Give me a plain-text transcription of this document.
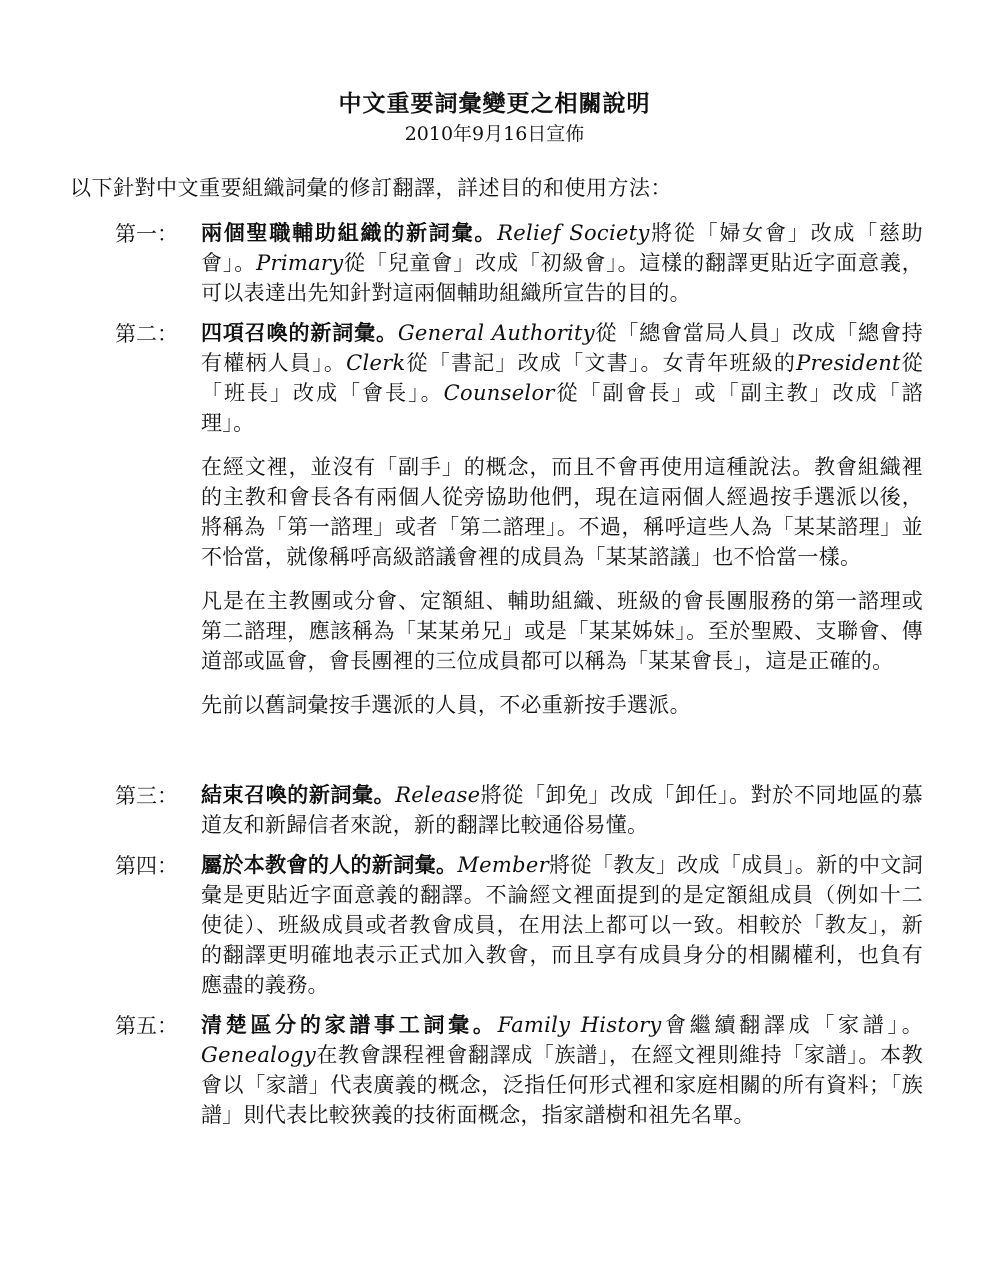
中文重要詞彙變更之相關說明
2010年9月16日宣佈
以下針對中文重要組織詞彙的修訂翻譯，詳述目的和使用方法：
第一：	兩個聖職輔助組織的新詞彙。Relief Society將從「婦女會」改成「慈助會」。Primary從「兒童會」改成「初級會」。這樣的翻譯更貼近字面意義，可以表達出先知針對這兩個輔助組織所宣告的目的。

第二：	四項召喚的新詞彙。General Authority從「總會當局人員」改成「總會持有權柄人員」。Clerk從「書記」改成「文書」。女青年班級的President從「班長」改成「會長」。Counselor從「副會長」或「副主教」改成「諮理」。

在經文裡，並沒有「副手」的概念，而且不會再使用這種說法。教會組織裡的主教和會長各有兩個人從旁協助他們，現在這兩個人經過按手選派以後，將稱為「第一諮理」或者「第二諮理」。不過，稱呼這些人為「某某諮理」並不恰當，就像稱呼高級諮議會裡的成員為「某某諮議」也不恰當一樣。

凡是在主教團或分會、定額組、輔助組織、班級的會長團服務的第一諮理或第二諮理，應該稱為「某某弟兄」或是「某某姊妹」。至於聖殿、支聯會、傳道部或區會，會長團裡的三位成員都可以稱為「某某會長」，這是正確的。

先前以舊詞彙按手選派的人員，不必重新按手選派。

第三：	結束召喚的新詞彙。Release將從「卸免」改成「卸任」。對於不同地區的慕道友和新歸信者來說，新的翻譯比較通俗易懂。

第四：	屬於本教會的人的新詞彙。Member將從「教友」改成「成員」。新的中文詞彙是更貼近字面意義的翻譯。不論經文裡面提到的是定額組成員（例如十二使徒）、班級成員或者教會成員，在用法上都可以一致。相較於「教友」，新的翻譯更明確地表示正式加入教會，而且享有成員身分的相關權利，也負有應盡的義務。

第五：	清楚區分的家譜事工詞彙。Family History會繼續翻譯成「家譜」。Genealogy在教會課程裡會翻譯成「族譜」，在經文裡則維持「家譜」。本教會以「家譜」代表廣義的概念，泛指任何形式裡和家庭相關的所有資料；「族譜」則代表比較狹義的技術面概念，指家譜樹和祖先名單。
